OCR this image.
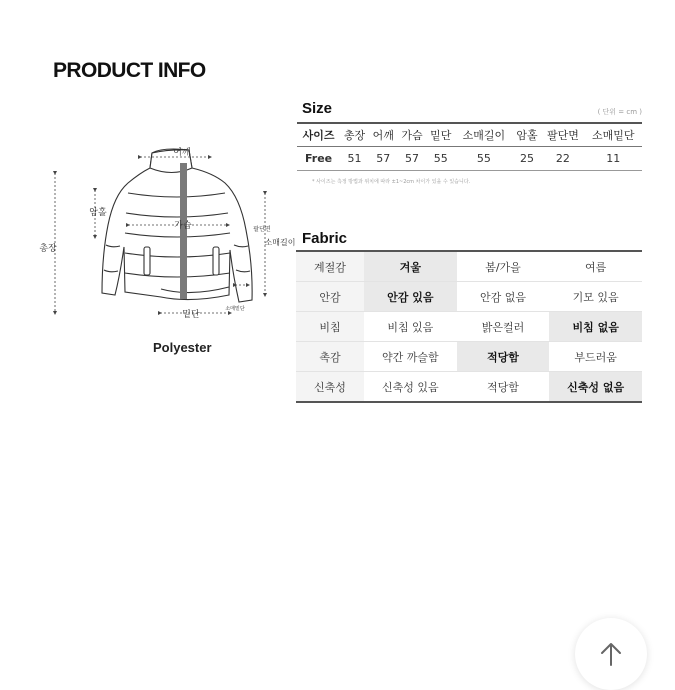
PRODUCT INFO
어깨
암홀
총장
가슴	팔단면
소매길이
밑단
소매밑단
Polyester
Size	( 단위 = cm )
사이즈	총장	어깨	가슴	밑단	소매길이	암홀	팔단면	소매밑단
Free	51	57	57	55	55	25	22	11
* 사이즈는 측정 방법과 위치에 따라 ±1~2cm 차이가 있을 수 있습니다.
Fabric
계절감	겨울	봄/가을	여름
안감	안감 있음	안감 없음	기모 있음
비침	비침 있음	밝은컬러	비침 없음
촉감	약간 까슬함	적당함	부드러움
신축성	신축성 있음	적당함	신축성 없음
